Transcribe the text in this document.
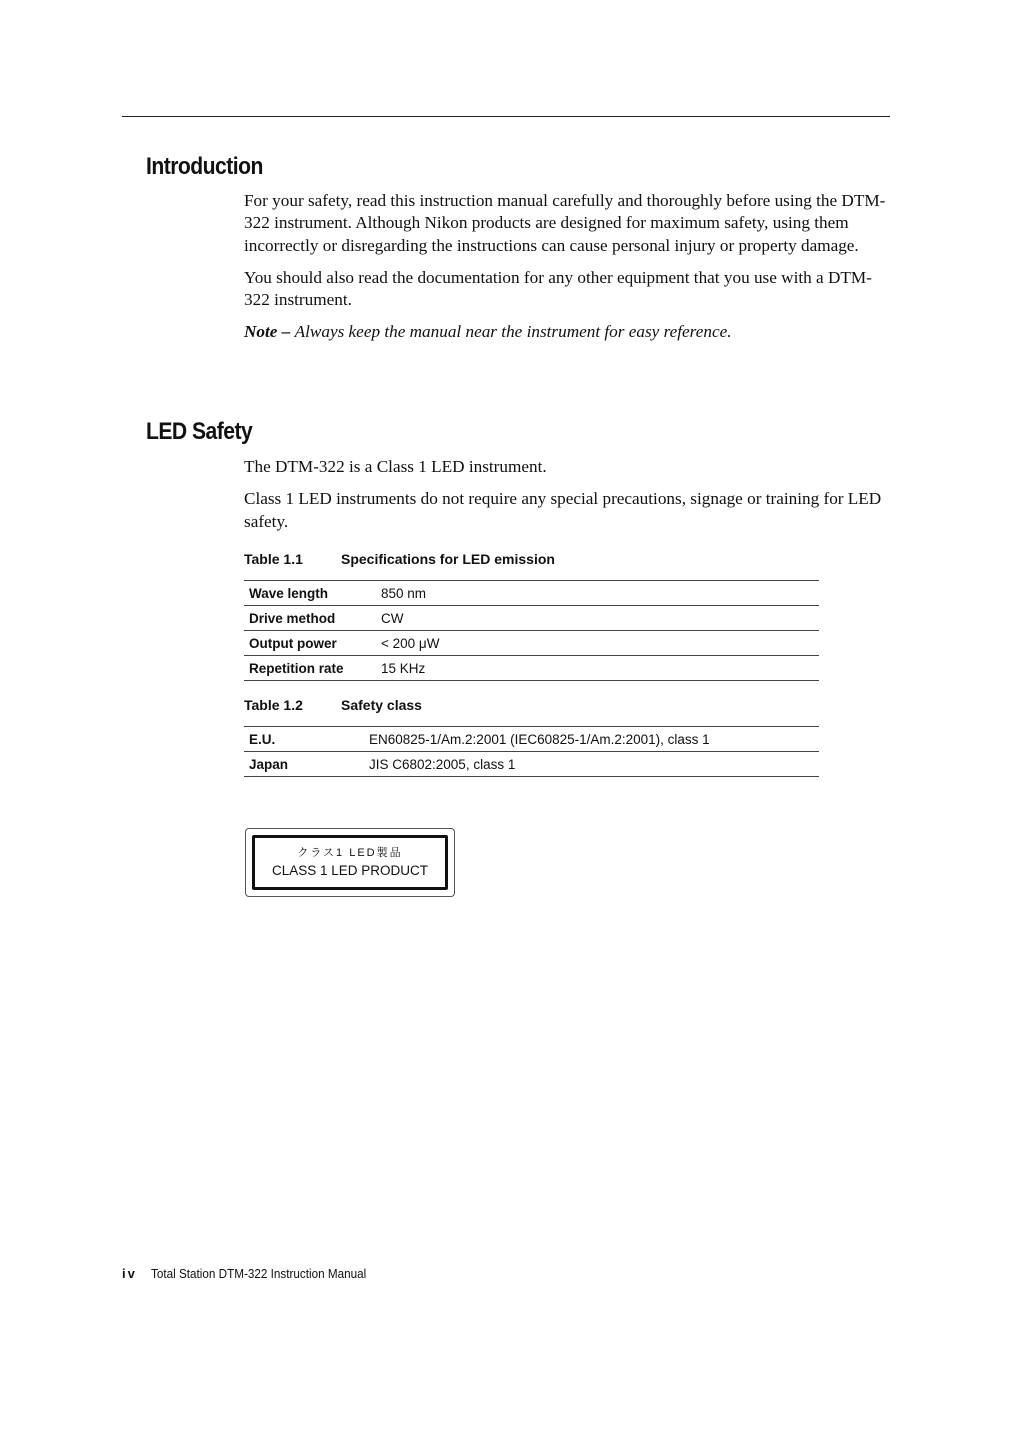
Introduction

For your safety, read this instruction manual carefully and thoroughly before using the DTM-322 instrument. Although Nikon products are designed for maximum safety, using them incorrectly or disregarding the instructions can cause personal injury or property damage.

You should also read the documentation for any other equipment that you use with a DTM-322 instrument.

Note – Always keep the manual near the instrument for easy reference.

LED Safety

The DTM-322 is a Class 1 LED instrument.

Class 1 LED instruments do not require any special precautions, signage or training for LED safety.

Table 1.1	Specifications for LED emission
Wave length	850 nm
Drive method	CW
Output power	< 200 μW
Repetition rate	15 KHz
Table 1.2	Safety class
E.U.	EN60825-1/Am.2:2001 (IEC60825-1/Am.2:2001), class 1
Japan	JIS C6802:2005, class 1
クラス1 LED製品
CLASS 1 LED PRODUCT
iv Total Station DTM-322 Instruction Manual
